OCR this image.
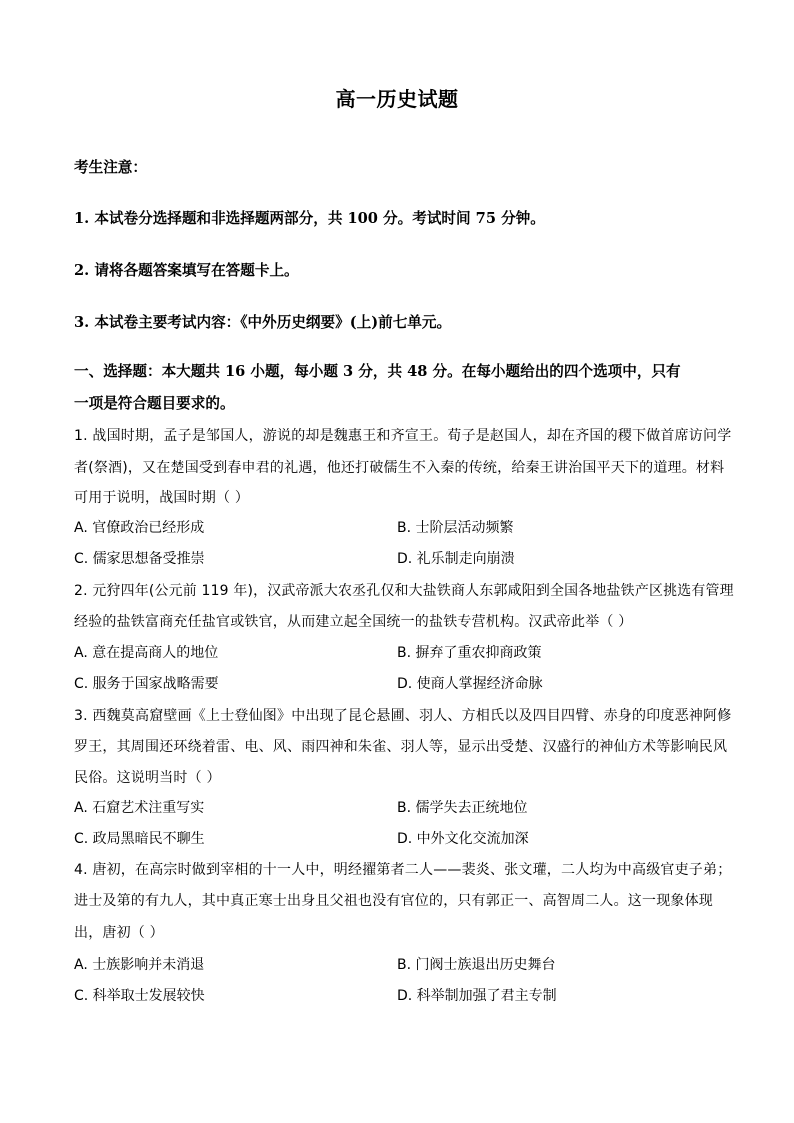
高一历史试题
考生注意：
1. 本试卷分选择题和非选择题两部分，共 100 分。考试时间 75 分钟。
2. 请将各题答案填写在答题卡上。
3. 本试卷主要考试内容：《中外历史纲要》(上)前七单元。
一、选择题：本大题共 16 小题，每小题 3 分，共 48 分。在每小题给出的四个选项中，只有
一项是符合题目要求的。
1. 战国时期，孟子是邹国人，游说的却是魏惠王和齐宣王。荀子是赵国人，却在齐国的稷下做首席访问学
者(祭酒)，又在楚国受到春申君的礼遇，他还打破儒生不入秦的传统，给秦王讲治国平天下的道理。材料
可用于说明，战国时期（ ）
A. 官僚政治已经形成	B. 士阶层活动频繁
C. 儒家思想备受推崇	D. 礼乐制走向崩溃
2. 元狩四年(公元前 119 年)，汉武帝派大农丞孔仅和大盐铁商人东郭咸阳到全国各地盐铁产区挑选有管理
经验的盐铁富商充任盐官或铁官，从而建立起全国统一的盐铁专营机构。汉武帝此举（ ）
A. 意在提高商人的地位	B. 摒弃了重农抑商政策
C. 服务于国家战略需要	D. 使商人掌握经济命脉
3. 西魏莫高窟壁画《上士登仙图》中出现了昆仑悬圃、羽人、方相氏以及四目四臂、赤身的印度恶神阿修
罗王，其周围还环绕着雷、电、风、雨四神和朱雀、羽人等，显示出受楚、汉盛行的神仙方术等影响民风
民俗。这说明当时（ ）
A. 石窟艺术注重写实	B. 儒学失去正统地位
C. 政局黑暗民不聊生	D. 中外文化交流加深
4. 唐初，在高宗时做到宰相的十一人中，明经擢第者二人——裴炎、张文瓘，二人均为中高级官吏子弟；
进士及第的有九人，其中真正寒士出身且父祖也没有官位的，只有郭正一、高智周二人。这一现象体现
出，唐初（ ）
A. 士族影响并未消退	B. 门阀士族退出历史舞台
C. 科举取士发展较快	D. 科举制加强了君主专制
